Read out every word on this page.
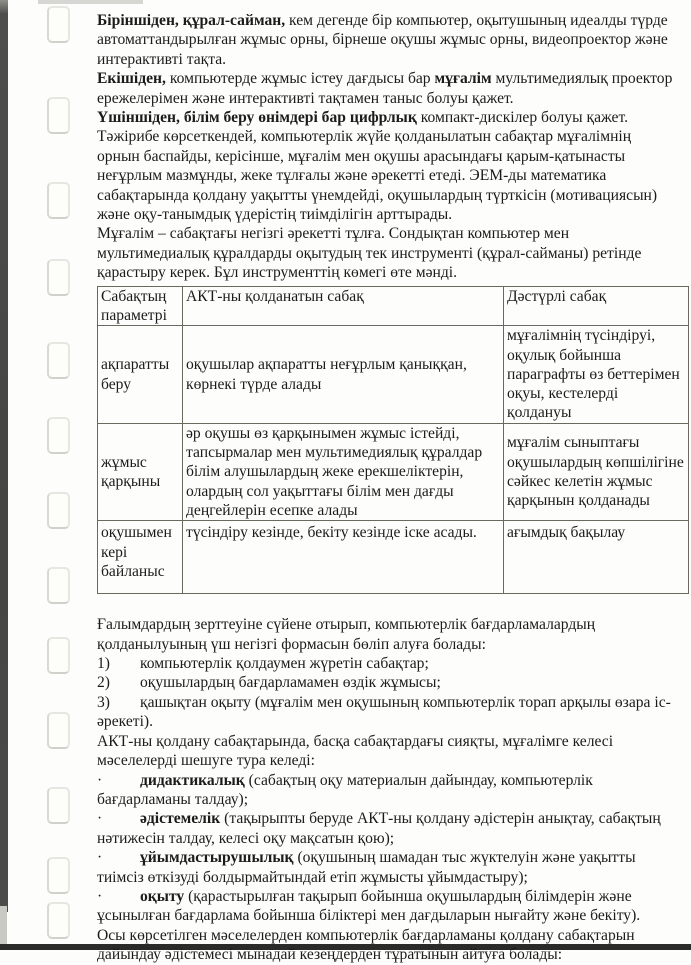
Біріншіден, құрал-сайман, кем дегенде бір компьютер, оқытушының идеалды түрде автоматтандырылған жұмыс орны, бірнеше оқушы жұмыс орны, видеопроектор және интерактивті тақта.

Екішіден, компьютерде жұмыс істеу дағдысы бар мұғалім мультимедиялық проектор ережелерімен және интерактивті тақтамен таныс болуы қажет.

Үшіншіден, білім беру өнімдері бар цифрлық компакт-дискілер болуы қажет.

Тәжірибе көрсеткендей, компьютерлік жүйе қолданылатын сабақтар мұғалімнің орнын баспайды, керісінше, мұғалім мен оқушы арасындағы қарым-қатынасты неғұрлым мазмұнды, жеке тұлғалы және әрекетті етеді. ЭЕМ-ды математика сабақтарында қолдану уақытты үнемдейді, оқушылардың түрткісін (мотивациясын) және оқу-танымдық үдерістің тиімділігін арттырады.

Мұғалім – сабақтағы негізгі әрекетті тұлға. Сондықтан компьютер мен мультимедиалық құралдарды оқытудың тек инструменті (құрал-сайманы) ретінде қарастыру керек. Бұл инструменттің көмегі өте мәнді.

Сабақтың параметрі	АКТ-ны қолданатын сабақ	Дәстүрлі сабақ
ақпаратты беру	оқушылар ақпаратты неғұрлым қаныққан, көрнекі түрде алады	мұғалімнің түсіндіруі, оқулық бойынша параграфты өз беттерімен оқуы, кестелерді қолдануы
жұмыс қарқыны	әр оқушы өз қарқынымен жұмыс істейді, тапсырмалар мен мультимедиялық құралдар білім алушылардың жеке ерекшеліктерін, олардың сол уақыттағы білім мен дағды деңгейлерін есепке алады	мұғалім сыныптағы оқушылардың көпшілігіне сәйкес келетін жұмыс қарқынын қолданады
оқушымен кері байланыс	түсіндіру кезінде, бекіту кезінде іске асады.	ағымдық бақылау

Ғалымдардың зерттеуіне сүйене отырып, компьютерлік бағдарламалардың қолданылуының үш негізгі формасын бөліп алуға болады:

1) компьютерлік қолдаумен жүретін сабақтар;

2) оқушылардың бағдарламамен өздік жұмысы;

3) қашықтан оқыту (мұғалім мен оқушының компьютерлік торап арқылы өзара іс-әрекеті).

АКТ-ны қолдану сабақтарында, басқа сабақтардағы сияқты, мұғалімге келесі мәселелерді шешуге тура келеді:

· дидактикалық (сабақтың оқу материалын дайындау, компьютерлік бағдарламаны талдау);

· әдістемелік (тақырыпты беруде АКТ-ны қолдану әдістерін анықтау, сабақтың нәтижесін талдау, келесі оқу мақсатын қою);

· ұйымдастырушылық (оқушының шамадан тыс жүктелуін және уақытты тиімсіз өткізуді болдырмайтындай етіп жұмысты ұйымдастыру);

· оқыту (қарастырылған тақырып бойынша оқушылардың білімдерін және ұсынылған бағдарлама бойынша біліктері мен дағдыларын нығайту және бекіту).

Осы көрсетілген мәселелерден компьютерлік бағдарламаны қолдану сабақтарын дайындау әдістемесі мынадай кезеңдерден тұратынын айтуға болады:
